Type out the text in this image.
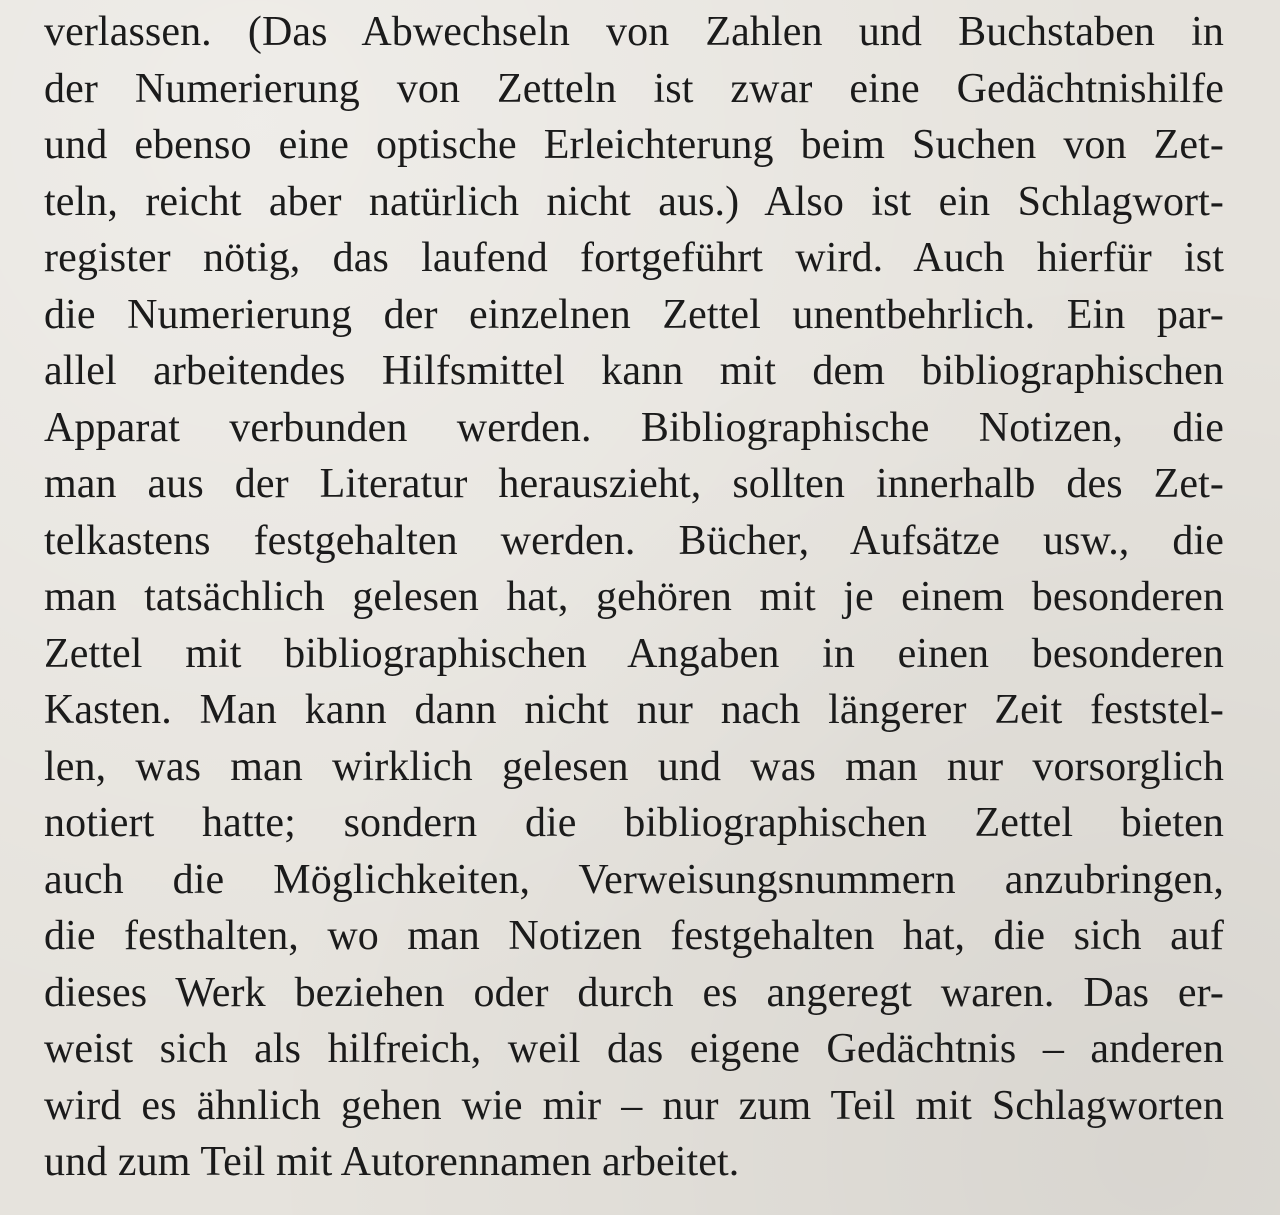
verlassen. (Das Abwechseln von Zahlen und Buchstaben in
der Numerierung von Zetteln ist zwar eine Gedächtnishilfe
und ebenso eine optische Erleichterung beim Suchen von Zet-
teln, reicht aber natürlich nicht aus.) Also ist ein Schlagwort-
register nötig, das laufend fortgeführt wird. Auch hierfür ist
die Numerierung der einzelnen Zettel unentbehrlich. Ein par-
allel arbeitendes Hilfsmittel kann mit dem bibliographischen
Apparat verbunden werden. Bibliographische Notizen, die
man aus der Literatur herauszieht, sollten innerhalb des Zet-
telkastens festgehalten werden. Bücher, Aufsätze usw., die
man tatsächlich gelesen hat, gehören mit je einem besonderen
Zettel mit bibliographischen Angaben in einen besonderen
Kasten. Man kann dann nicht nur nach längerer Zeit feststel-
len, was man wirklich gelesen und was man nur vorsorglich
notiert hatte; sondern die bibliographischen Zettel bieten
auch die Möglichkeiten, Verweisungsnummern anzubringen,
die festhalten, wo man Notizen festgehalten hat, die sich auf
dieses Werk beziehen oder durch es angeregt waren. Das er-
weist sich als hilfreich, weil das eigene Gedächtnis – anderen
wird es ähnlich gehen wie mir – nur zum Teil mit Schlagworten
und zum Teil mit Autorennamen arbeitet.
